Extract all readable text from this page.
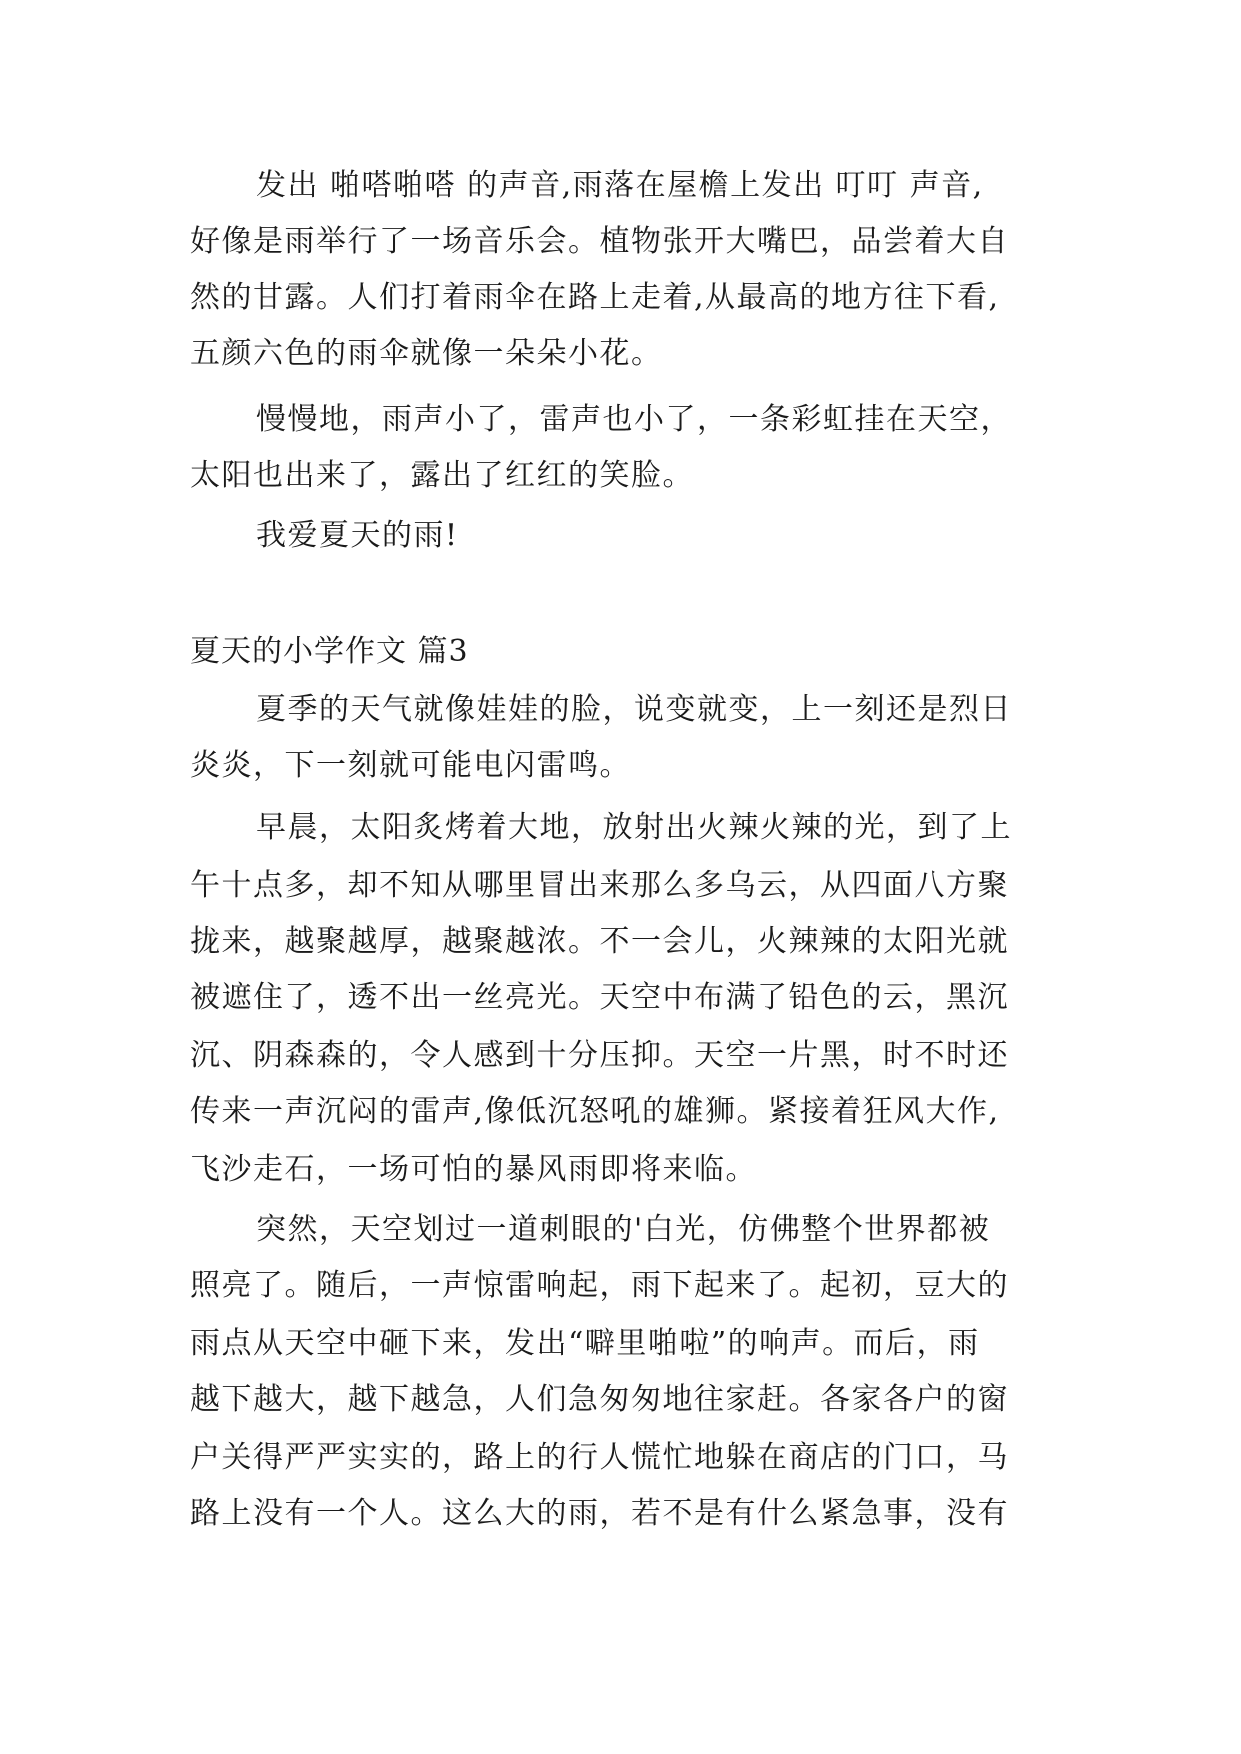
发出 啪嗒啪嗒 的声音,雨落在屋檐上发出 叮叮 声音,
好像是雨举行了一场音乐会。植物张开大嘴巴，品尝着大自
然的甘露。人们打着雨伞在路上走着,从最高的地方往下看,
五颜六色的雨伞就像一朵朵小花。
慢慢地，雨声小了，雷声也小了，一条彩虹挂在天空，
太阳也出来了，露出了红红的笑脸。
我爱夏天的雨!
夏天的小学作文 篇3
夏季的天气就像娃娃的脸，说变就变，上一刻还是烈日
炎炎，下一刻就可能电闪雷鸣。
早晨，太阳炙烤着大地，放射出火辣火辣的光，到了上
午十点多，却不知从哪里冒出来那么多乌云，从四面八方聚
拢来，越聚越厚，越聚越浓。不一会儿，火辣辣的太阳光就
被遮住了，透不出一丝亮光。天空中布满了铅色的云，黑沉
沉、阴森森的，令人感到十分压抑。天空一片黑，时不时还
传来一声沉闷的雷声,像低沉怒吼的雄狮。紧接着狂风大作,
飞沙走石，一场可怕的暴风雨即将来临。
突然，天空划过一道刺眼的'白光，仿佛整个世界都被
照亮了。随后，一声惊雷响起，雨下起来了。起初，豆大的
雨点从天空中砸下来，发出“噼里啪啦”的响声。而后，雨
越下越大，越下越急，人们急匆匆地往家赶。各家各户的窗
户关得严严实实的，路上的行人慌忙地躲在商店的门口，马
路上没有一个人。这么大的雨，若不是有什么紧急事，没有
